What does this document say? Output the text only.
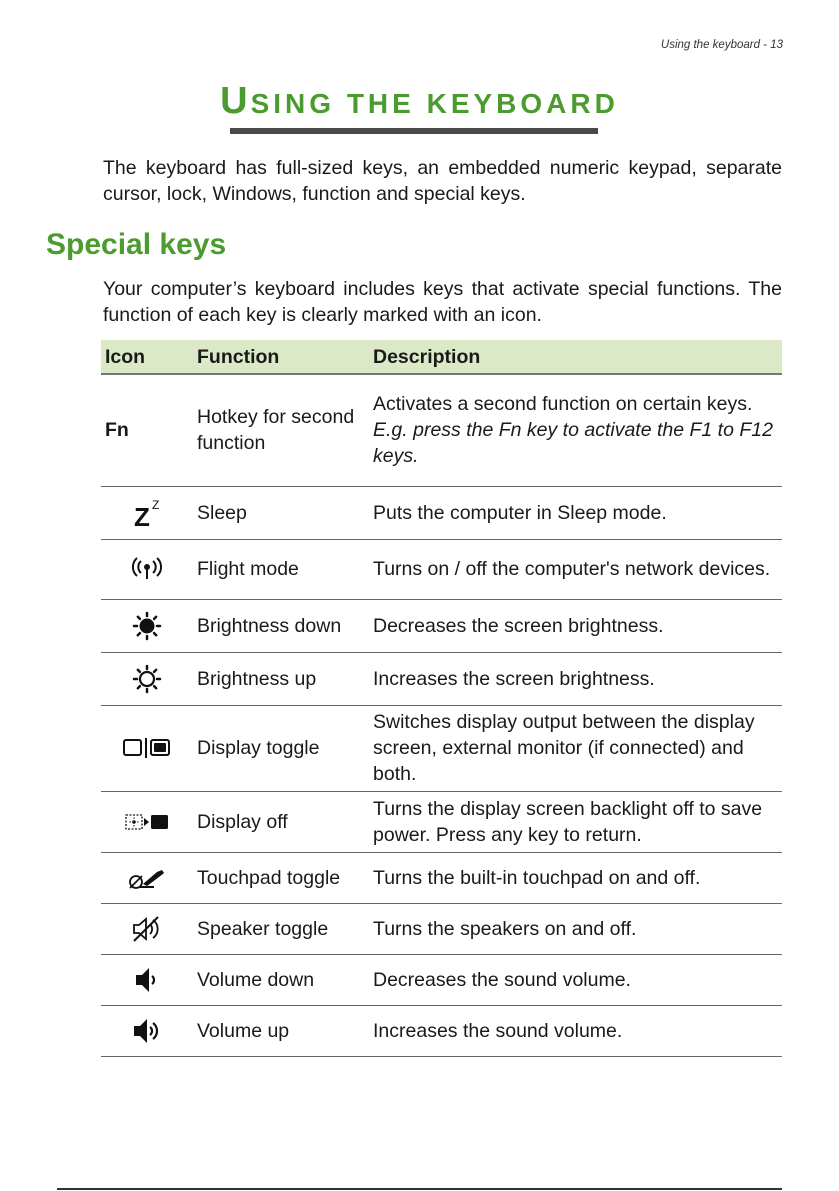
Using the keyboard - 13
USING THE KEYBOARD

The keyboard has full-sized keys, an embedded numeric keypad, separate cursor, lock, Windows, function and special keys.

Special keys

Your computer’s keyboard includes keys that activate special functions. The function of each key is clearly marked with an icon.

Icon	Function	Description
Fn	Hotkey for second function	Activates a second function on certain keys.
E.g. press the Fn key to activate the F1 to F12 keys.

Z Z	Sleep	Puts the computer in Sleep mode.

	Flight mode	Turns on / off the computer's network devices.

	Brightness down	Decreases the screen brightness.

	Brightness up	Increases the screen brightness.

	Display toggle	Switches display output between the display screen, external monitor (if connected) and both.

	Display off	Turns the display screen backlight off to save power. Press any key to return.

	Touchpad toggle	Turns the built-in touchpad on and off.

	Speaker toggle	Turns the speakers on and off.

	Volume down	Decreases the sound volume.

	Volume up	Increases the sound volume.
